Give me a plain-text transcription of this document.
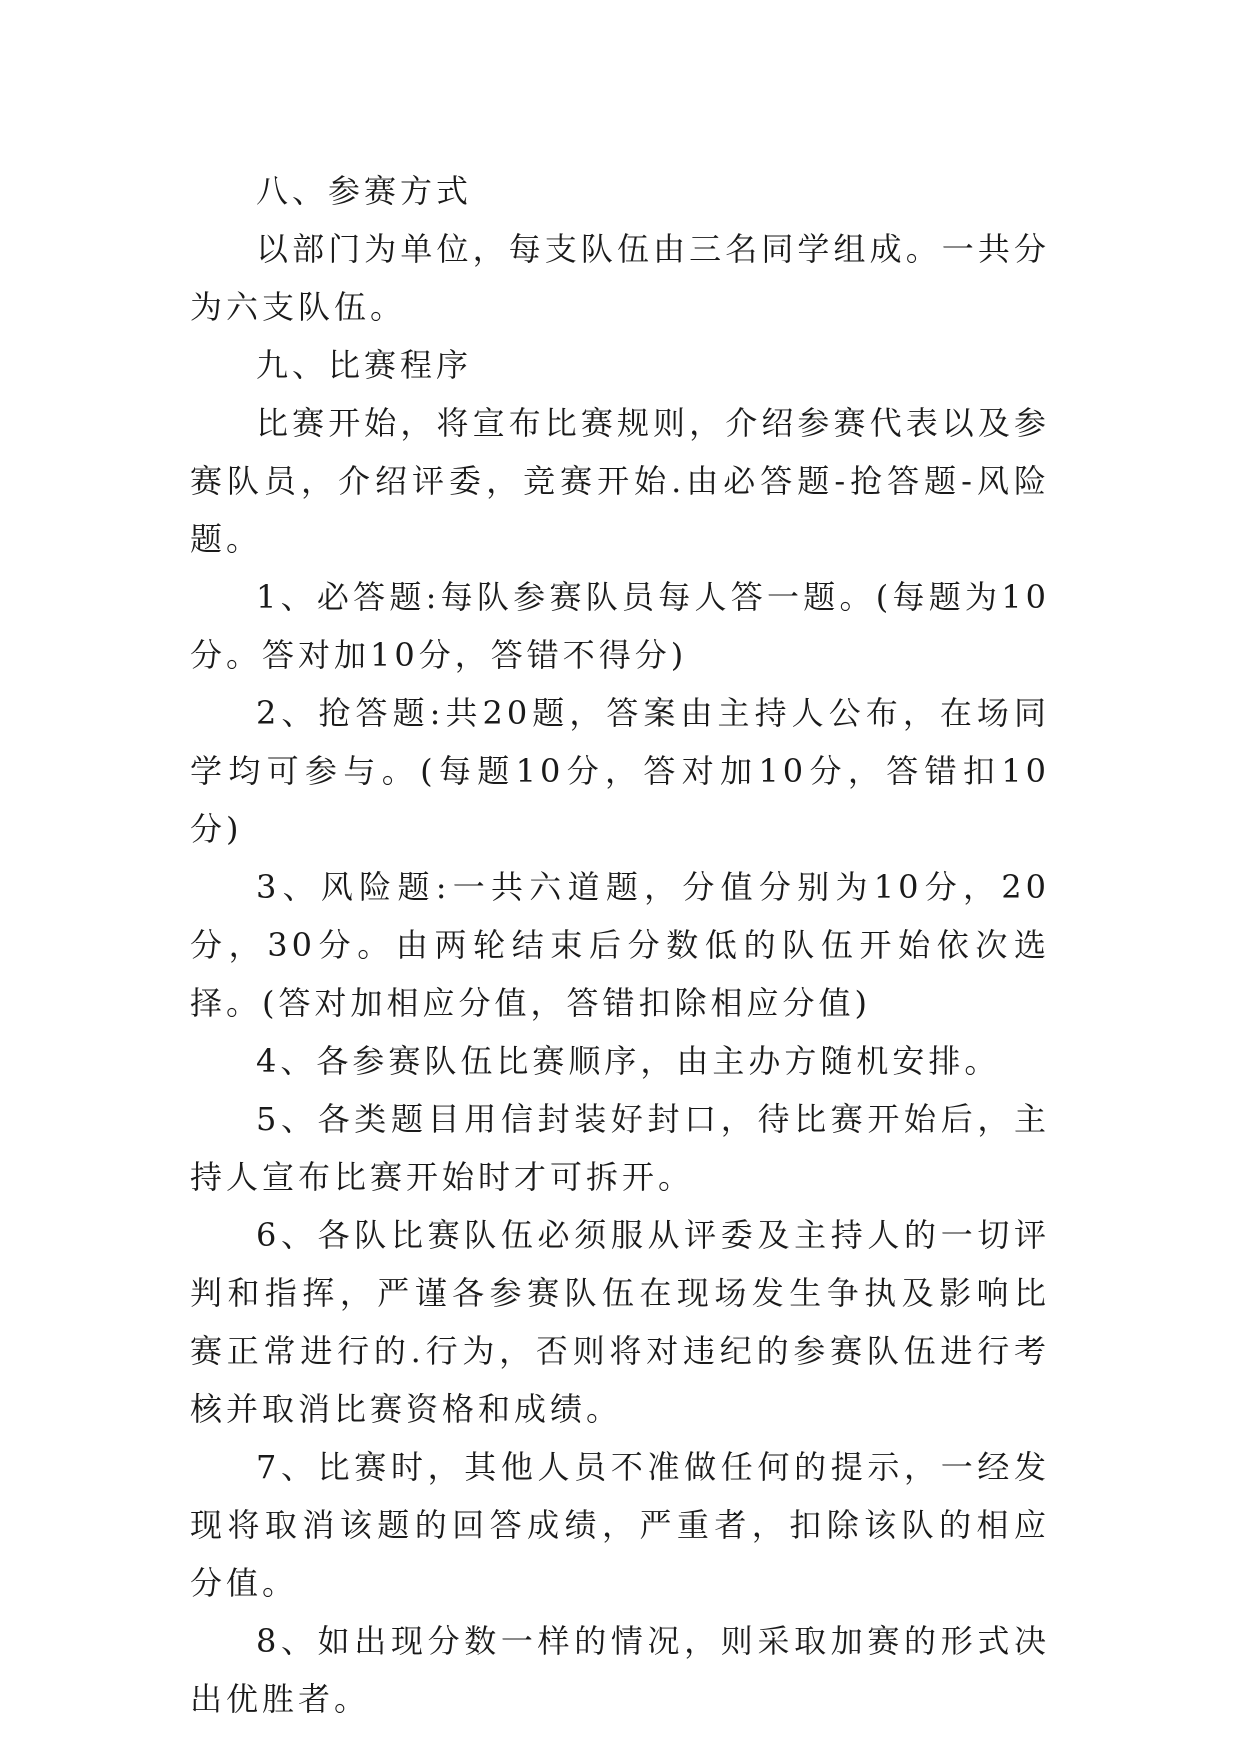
八、参赛方式

以部门为单位，每支队伍由三名同学组成。一共分为六支队伍。

九、比赛程序

比赛开始，将宣布比赛规则，介绍参赛代表以及参赛队员，介绍评委，竞赛开始.由必答题-抢答题-风险题。

1、必答题:每队参赛队员每人答一题。(每题为10分。答对加10分，答错不得分)

2、抢答题:共20题，答案由主持人公布，在场同学均可参与。(每题10分，答对加10分，答错扣10分)

3、风险题:一共六道题，分值分别为10分，20分，30分。由两轮结束后分数低的队伍开始依次选择。(答对加相应分值，答错扣除相应分值)

4、各参赛队伍比赛顺序，由主办方随机安排。

5、各类题目用信封装好封口，待比赛开始后，主持人宣布比赛开始时才可拆开。

6、各队比赛队伍必须服从评委及主持人的一切评判和指挥，严谨各参赛队伍在现场发生争执及影响比赛正常进行的.行为，否则将对违纪的参赛队伍进行考核并取消比赛资格和成绩。

7、比赛时，其他人员不准做任何的提示，一经发现将取消该题的回答成绩，严重者，扣除该队的相应分值。

8、如出现分数一样的情况，则采取加赛的形式决出优胜者。
